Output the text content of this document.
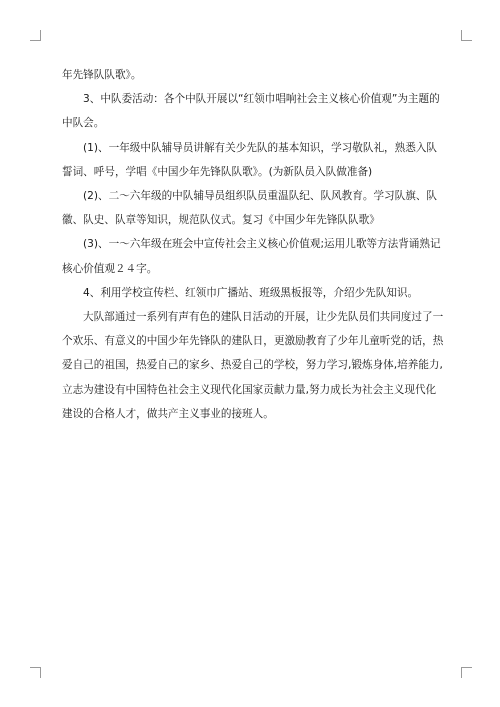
年先锋队队歌》。

3、中队委活动：各个中队开展以“红领巾唱响社会主义核心价值观”为主题的中队会。

(1)、一年级中队辅导员讲解有关少先队的基本知识，学习敬队礼，熟悉入队誓词、呼号，学唱《中国少年先锋队队歌》。(为新队员入队做准备)

(2)、二～六年级的中队辅导员组织队员重温队纪、队风教育。学习队旗、队徽、队史、队章等知识，规范队仪式。复习《中国少年先锋队队歌》

(3)、一～六年级在班会中宣传社会主义核心价值观;运用儿歌等方法背诵熟记核心价值观２４字。

4、利用学校宣传栏、红领巾广播站、班级黑板报等，介绍少先队知识。

大队部通过一系列有声有色的建队日活动的开展，让少先队员们共同度过了一个欢乐、有意义的中国少年先锋队的建队日，更激励教育了少年儿童听党的话，热爱自己的祖国，热爱自己的家乡、热爱自己的学校，努力学习,锻炼身体,培养能力,立志为建设有中国特色社会主义现代化国家贡献力量,努力成长为社会主义现代化建设的合格人才，做共产主义事业的接班人。
